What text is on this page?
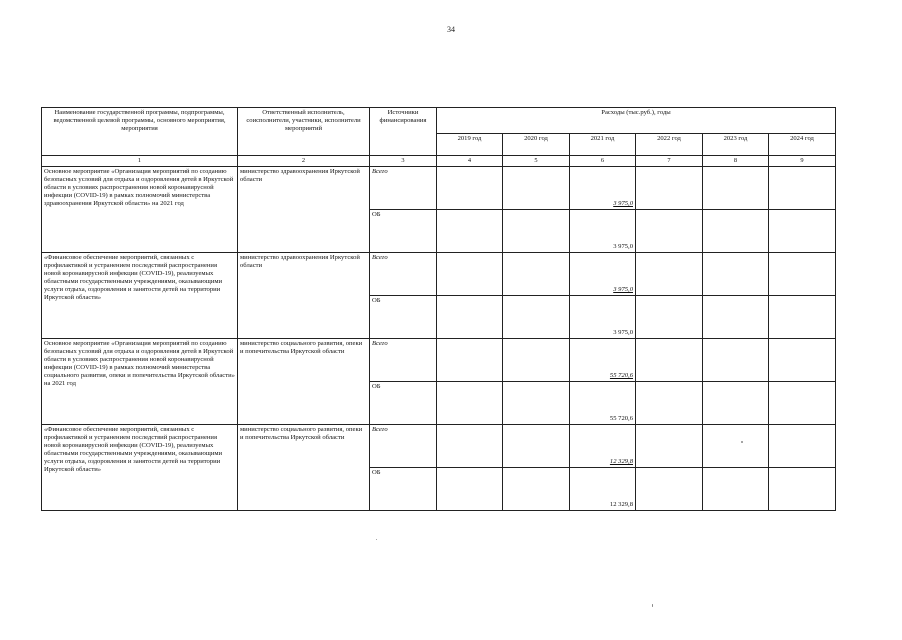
34
Наименование государственной программы, подпрограммы, ведомственной целевой программы, основного мероприятия, мероприятия	Ответственный исполнитель, соисполнители, участники, исполнители мероприятий	Источники финансирования	Расходы (тыс.руб.), годы					
			2019 год	2020 год	2021 год	2022 год	2023 год	2024 год
1	2	3	4	5	6	7	8	9
Основное мероприятие «Организация мероприятий по созданию безопасных условий для отдыха и оздоровления детей в Иркутской области в условиях распространения новой коронавирусной инфекции (COVID-19) в рамках полномочий министерства здравоохранения Иркутской области» на 2021 год	министерство здравоохранения Иркутской области	Всего			3 975,0			
		ОБ			3 975,0			
«Финансовое обеспечение мероприятий, связанных с профилактикой и устранением последствий распространения новой коронавирусной инфекции (COVID-19), реализуемых областными государственными учреждениями, оказывающими услуги отдыха, оздоровления и занятости детей на территории Иркутской области»	министерство здравоохранения Иркутской области	Всего			3 975,0			
		ОБ			3 975,0			
Основное мероприятие «Организация мероприятий по созданию безопасных условий для отдыха и оздоровления детей в Иркутской области в условиях распространения новой коронавирусной инфекции (COVID-19) в рамках полномочий министерства социального развития, опеки и попечительства Иркутской области» на 2021 год	министерство социального развития, опеки и попечительства Иркутской области	Всего			55 720,6			
		ОБ			55 720,6			
«Финансовое обеспечение мероприятий, связанных с профилактикой и устранением последствий распространения новой коронавирусной инфекции (COVID-19), реализуемых областными государственными учреждениями, оказывающими услуги отдыха, оздоровления и занятости детей на территории Иркутской области»	министерство социального развития, опеки и попечительства Иркутской области	Всего			12 329,8			
		ОБ			12 329,8			
